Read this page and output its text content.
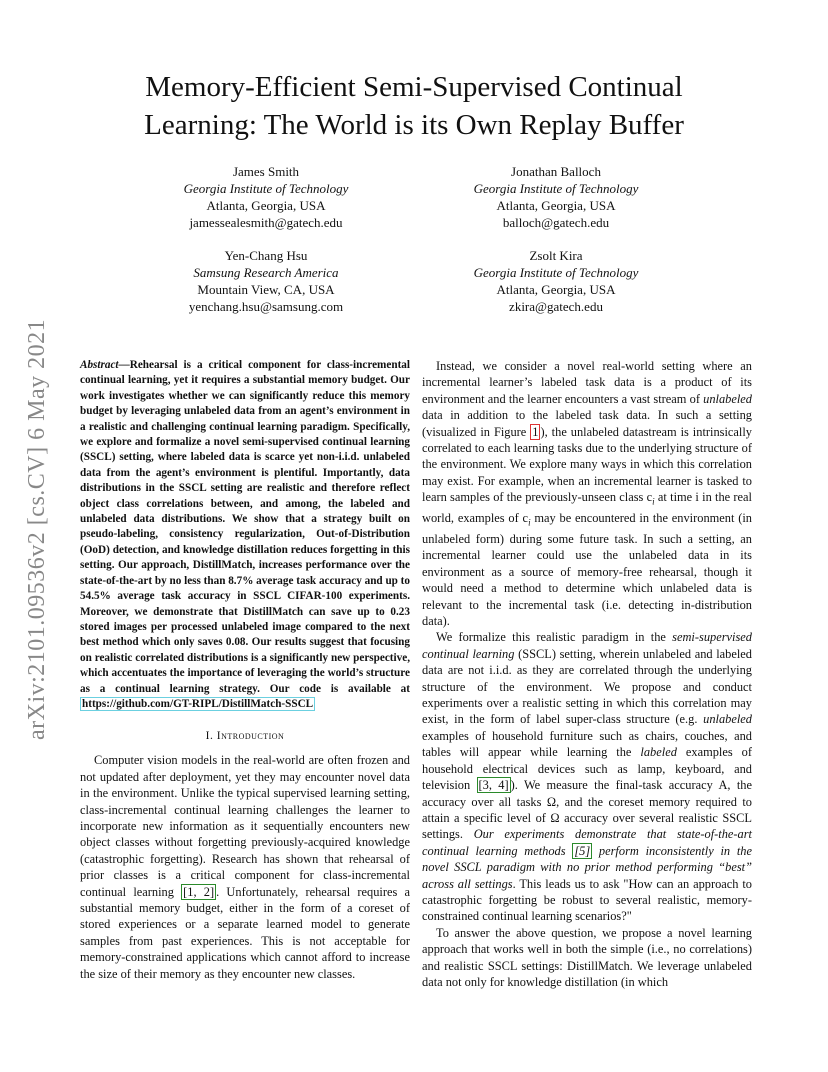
arXiv:2101.09536v2 [cs.CV] 6 May 2021
Memory-Efficient Semi-Supervised Continual
Learning: The World is its Own Replay Buffer
James Smith
Georgia Institute of Technology
Atlanta, Georgia, USA
jamessealesmith@gatech.edu
Jonathan Balloch
Georgia Institute of Technology
Atlanta, Georgia, USA
balloch@gatech.edu
Yen-Chang Hsu
Samsung Research America
Mountain View, CA, USA
yenchang.hsu@samsung.com
Zsolt Kira
Georgia Institute of Technology
Atlanta, Georgia, USA
zkira@gatech.edu

Abstract—Rehearsal is a critical component for class-incremental continual learning, yet it requires a substantial memory budget. Our work investigates whether we can significantly reduce this memory budget by leveraging unlabeled data from an agent’s environment in a realistic and challenging continual learning paradigm. Specifically, we explore and formalize a novel semi-supervised continual learning (SSCL) setting, where labeled data is scarce yet non-i.i.d. unlabeled data from the agent’s environment is plentiful. Importantly, data distributions in the SSCL setting are realistic and therefore reflect object class correlations between, and among, the labeled and unlabeled data distributions. We show that a strategy built on pseudo-labeling, consistency regularization, Out-of-Distribution (OoD) detection, and knowledge distillation reduces forgetting in this setting. Our approach, DistillMatch, increases performance over the state-of-the-art by no less than 8.7% average task accuracy and up to 54.5% average task accuracy in SSCL CIFAR-100 experiments. Moreover, we demonstrate that DistillMatch can save up to 0.23 stored images per processed unlabeled image compared to the next best method which only saves 0.08. Our results suggest that focusing on realistic correlated distributions is a significantly new perspective, which accentuates the importance of leveraging the world’s structure as a continual learning strategy. Our code is available at https://github.com/GT-RIPL/DistillMatch-SSCL

I. Introduction

Computer vision models in the real-world are often frozen and not updated after deployment, yet they may encounter novel data in the environment. Unlike the typical supervised learning setting, class-incremental continual learning challenges the learner to incorporate new information as it sequentially encounters new object classes without forgetting previously-acquired knowledge (catastrophic forgetting). Research has shown that rehearsal of prior classes is a critical component for class-incremental continual learning [1, 2] . Unfortunately, rehearsal requires a substantial memory budget, either in the form of a coreset of stored experiences or a separate learned model to generate samples from past experiences. This is not acceptable for memory-constrained applications which cannot afford to increase the size of their memory as they encounter new classes.

Instead, we consider a novel real-world setting where an incremental learner’s labeled task data is a product of its environment and the learner encounters a vast stream of unlabeled data in addition to the labeled task data. In such a setting (visualized in Figure 1 ), the unlabeled datastream is intrinsically correlated to each learning tasks due to the underlying structure of the environment. We explore many ways in which this correlation may exist. For example, when an incremental learner is tasked to learn samples of the previously-unseen class $c_i$ at time i in the real world, examples of $c_i$ may be encountered in the environment (in unlabeled form) during some future task. In such a setting, an incremental learner could use the unlabeled data in its environment as a source of memory-free rehearsal, though it would need a method to determine which unlabeled data is relevant to the incremental task (i.e. detecting in-distribution data).

We formalize this realistic paradigm in the semi-supervised continual learning (SSCL) setting, wherein unlabeled and labeled data are not i.i.d. as they are correlated through the underlying structure of the environment. We propose and conduct experiments over a realistic setting in which this correlation may exist, in the form of label super-class structure (e.g. unlabeled examples of household furniture such as chairs, couches, and tables will appear while learning the labeled examples of household electrical devices such as lamp, keyboard, and television [3, 4] ). We measure the final-task accuracy A, the accuracy over all tasks Ω, and the coreset memory required to attain a specific level of Ω accuracy over several realistic SSCL settings. Our experiments demonstrate that state-of-the-art continual learning methods [5] perform inconsistently in the novel SSCL paradigm with no prior method performing “best” across all settings. This leads us to ask "How can an approach to catastrophic forgetting be robust to several realistic, memory-constrained continual learning scenarios?"

To answer the above question, we propose a novel learning approach that works well in both the simple (i.e., no correlations) and realistic SSCL settings: DistillMatch. We leverage unlabeled data not only for knowledge distillation (in which
